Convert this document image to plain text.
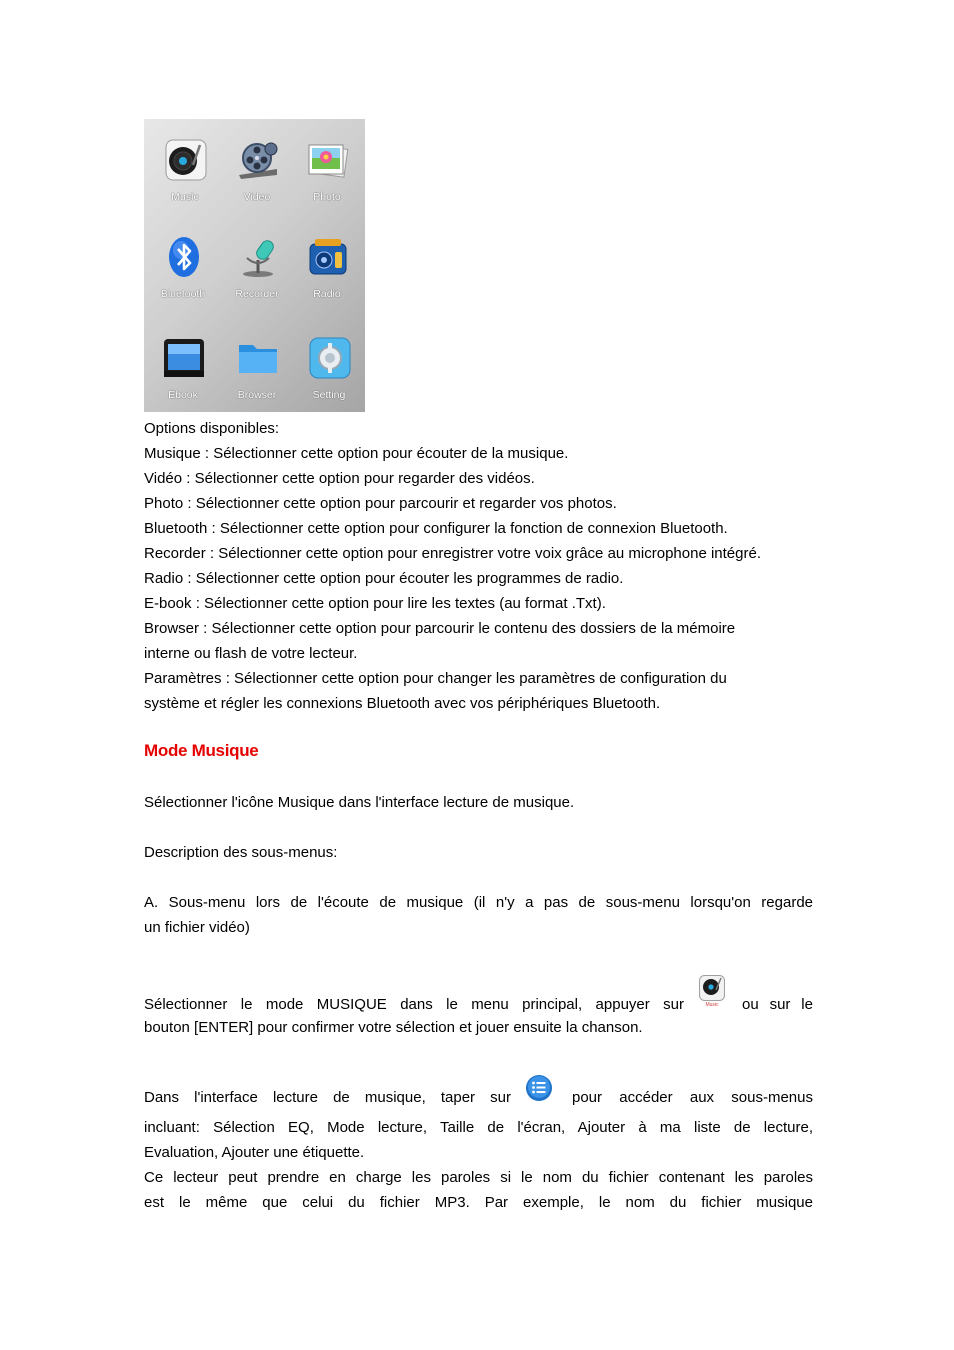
Music	Video	Photo
Bluetooth	Recorder	Radio
Ebook	Browser	Setting
Options disponibles:
Musique : Sélectionner cette option pour écouter de la musique.
Vidéo : Sélectionner cette option pour regarder des vidéos.
Photo : Sélectionner cette option pour parcourir et regarder vos photos.
Bluetooth : Sélectionner cette option pour configurer la fonction de connexion Bluetooth.
Recorder : Sélectionner cette option pour enregistrer votre voix grâce au microphone intégré.
Radio : Sélectionner cette option pour écouter les programmes de radio.
E-book : Sélectionner cette option pour lire les textes (au format .Txt).
Browser : Sélectionner cette option pour parcourir le contenu des dossiers de la mémoire
interne ou flash de votre lecteur.
Paramètres : Sélectionner cette option pour changer les paramètres de configuration du
système et régler les connexions Bluetooth avec vos périphériques Bluetooth.
Mode Musique
Sélectionner l'icône Musique dans l'interface lecture de musique.
Description des sous-menus:
A. Sous-menu lors de l'écoute de musique (il n'y a pas de sous-menu lorsqu'on regarde
un fichier vidéo)
Sélectionner le mode MUSIQUE dans le menu principal, appuyer sur	Music	ou sur le
bouton [ENTER] pour confirmer votre sélection et jouer ensuite la chanson.
Dans l'interface lecture de musique, taper sur	pour accéder aux sous-menus
incluant: Sélection EQ, Mode lecture, Taille de l'écran, Ajouter à ma liste de lecture,
Evaluation, Ajouter une étiquette.
Ce lecteur peut prendre en charge les paroles si le nom du fichier contenant les paroles
est le même que celui du fichier MP3. Par exemple, le nom du fichier musique
